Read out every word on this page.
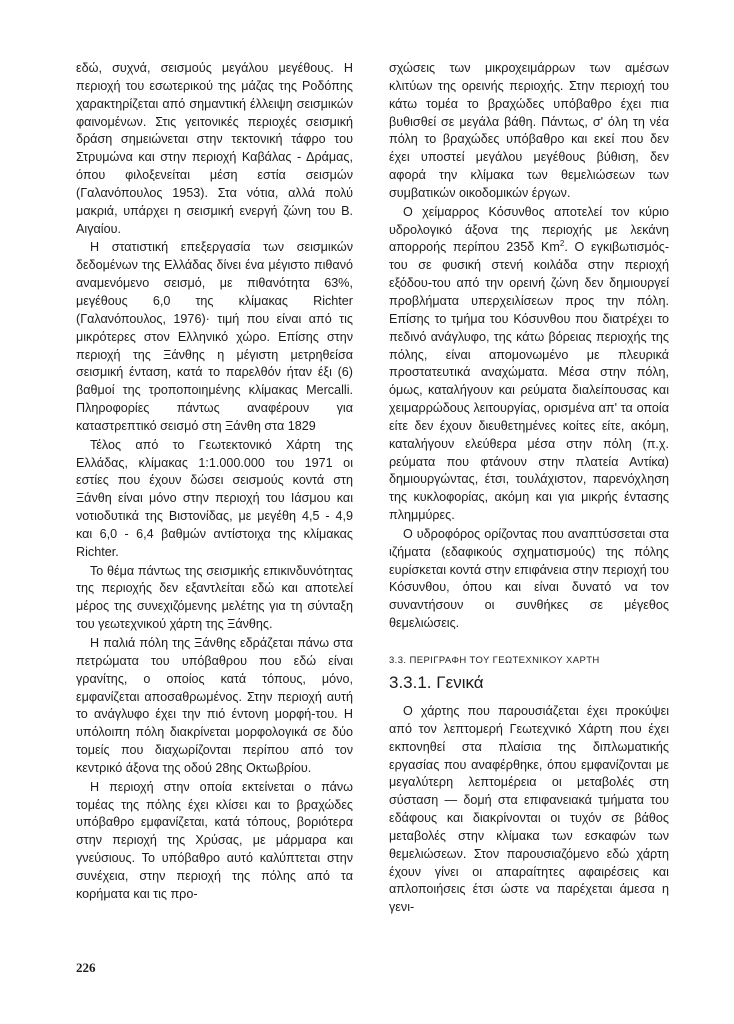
εδώ, συχνά, σεισμούς μεγάλου μεγέθους. Η περιοχή του εσωτερικού της μάζας της Ροδόπης χαρακτηρίζεται από σημαντική έλλειψη σεισμικών φαινομένων. Στις γειτονικές περιοχές σεισμική δράση σημειώνεται στην τεκτονική τάφρο του Στρυμώνα και στην περιοχή Καβάλας - Δράμας, όπου φιλοξενείται μέση εστία σεισμών (Γαλανόπουλος 1953). Στα νότια, αλλά πολύ μακριά, υπάρχει η σεισμική ενεργή ζώνη του Β. Αιγαίου.

Η στατιστική επεξεργασία των σεισμικών δεδομένων της Ελλάδας δίνει ένα μέγιστο πιθανό αναμενόμενο σεισμό, με πιθανότητα 63%, μεγέθους 6,0 της κλίμακας Richter (Γαλανόπουλος, 1976)· τιμή που είναι από τις μικρότερες στον Ελληνικό χώρο. Επίσης στην περιοχή της Ξάνθης η μέγιστη μετρηθείσα σεισμική ένταση, κατά το παρελθόν ήταν έξι (6) βαθμοί της τροποποιημένης κλίμακας Mercalli. Πληροφορίες πάντως αναφέρουν για καταστρεπτικό σεισμό στη Ξάνθη στα 1829

Τέλος από το Γεωτεκτονικό Χάρτη της Ελλάδας, κλίμακας 1:1.000.000 του 1971 οι εστίες που έχουν δώσει σεισμούς κοντά στη Ξάνθη είναι μόνο στην περιοχή του Ιάσμου και νοτιοδυτικά της Βιστονίδας, με μεγέθη 4,5 - 4,9 και 6,0 - 6,4 βαθμών αντίστοιχα της κλίμακας Richter.

Το θέμα πάντως της σεισμικής επικινδυνότητας της περιοχής δεν εξαντλείται εδώ και αποτελεί μέρος της συνεχιζόμενης μελέτης για τη σύνταξη του γεωτεχνικού χάρτη της Ξάνθης.

Η παλιά πόλη της Ξάνθης εδράζεται πάνω στα πετρώματα του υπόβαθρου που εδώ είναι γρανίτης, ο οποίος κατά τόπους, μόνο, εμφανίζεται αποσαθρωμένος. Στην περιοχή αυτή το ανάγλυφο έχει την πιό έντονη μορφή-του. Η υπόλοιπη πόλη διακρίνεται μορφολογικά σε δύο τομείς που διαχωρίζονται περίπου από τον κεντρικό άξονα της οδού 28ης Οκτωβρίου.

Η περιοχή στην οποία εκτείνεται ο πάνω τομέας της πόλης έχει κλίσει και το βραχώδες υπόβαθρο εμφανίζεται, κατά τόπους, βοριότερα στην περιοχή της Χρύσας, με μάρμαρα και γνεύσιους. Το υπόβαθρο αυτό καλύπτεται στην συνέχεια, στην περιοχή της πόλης από τα κορήματα και τις προ-

σχώσεις των μικροχειμάρρων των αμέσων κλιτύων της ορεινής περιοχής. Στην περιοχή του κάτω τομέα το βραχώδες υπόβαθρο έχει πια βυθισθεί σε μεγάλα βάθη. Πάντως, σ' όλη τη νέα πόλη το βραχώδες υπόβαθρο και εκεί που δεν έχει υποστεί μεγάλου μεγέθους βύθιση, δεν αφορά την κλίμακα των θεμελιώσεων των συμβατικών οικοδομικών έργων.

Ο χείμαρρος Κόσυνθος αποτελεί τον κύριο υδρολογικό άξονα της περιοχής με λεκάνη απορροής περίπου 235δ Km$^2$. Ο εγκιβωτισμός-του σε φυσική στενή κοιλάδα στην περιοχή εξόδου-του από την ορεινή ζώνη δεν δημιουργεί προβλήματα υπερχειλίσεων προς την πόλη. Επίσης το τμήμα του Κόσυνθου που διατρέχει το πεδινό ανάγλυφο, της κάτω βόρειας περιοχής της πόλης, είναι απομονωμένο με πλευρικά προστατευτικά αναχώματα. Μέσα στην πόλη, όμως, καταλήγουν και ρεύματα διαλείπουσας και χειμαρρώδους λειτουργίας, ορισμένα απ' τα οποία είτε δεν έχουν διευθετημένες κοίτες είτε, ακόμη, καταλήγουν ελεύθερα μέσα στην πόλη (π.χ. ρεύματα που φτάνουν στην πλατεία Αντίκα) δημιουργώντας, έτσι, τουλάχιστον, παρενόχληση της κυκλοφορίας, ακόμη και για μικρής έντασης πλημμύρες.

Ο υδροφόρος ορίζοντας που αναπτύσσεται στα ιζήματα (εδαφικούς σχηματισμούς) της πόλης ευρίσκεται κοντά στην επιφάνεια στην περιοχή του Κόσυνθου, όπου και είναι δυνατό να τον συναντήσουν οι συνθήκες σε μέγεθος θεμελιώσεις.

3.3. ΠΕΡΙΓΡΑΦΗ ΤΟΥ ΓΕΩΤΕΧΝΙΚΟΥ ΧΑΡΤΗ
3.3.1. Γενικά

Ο χάρτης που παρουσιάζεται έχει προκύψει από τον λεπτομερή Γεωτεχνικό Χάρτη που έχει εκπονηθεί στα πλαίσια της διπλωματικής εργασίας που αναφέρθηκε, όπου εμφανίζονται με μεγαλύτερη λεπτομέρεια οι μεταβολές στη σύσταση — δομή στα επιφανειακά τμήματα του εδάφους και διακρίνονται οι τυχόν σε βάθος μεταβολές στην κλίμακα των εσκαφών των θεμελιώσεων. Στον παρουσιαζόμενο εδώ χάρτη έχουν γίνει οι απαραίτητες αφαιρέσεις και απλοποιήσεις έτσι ώστε να παρέχεται άμεσα η γενι-

226
